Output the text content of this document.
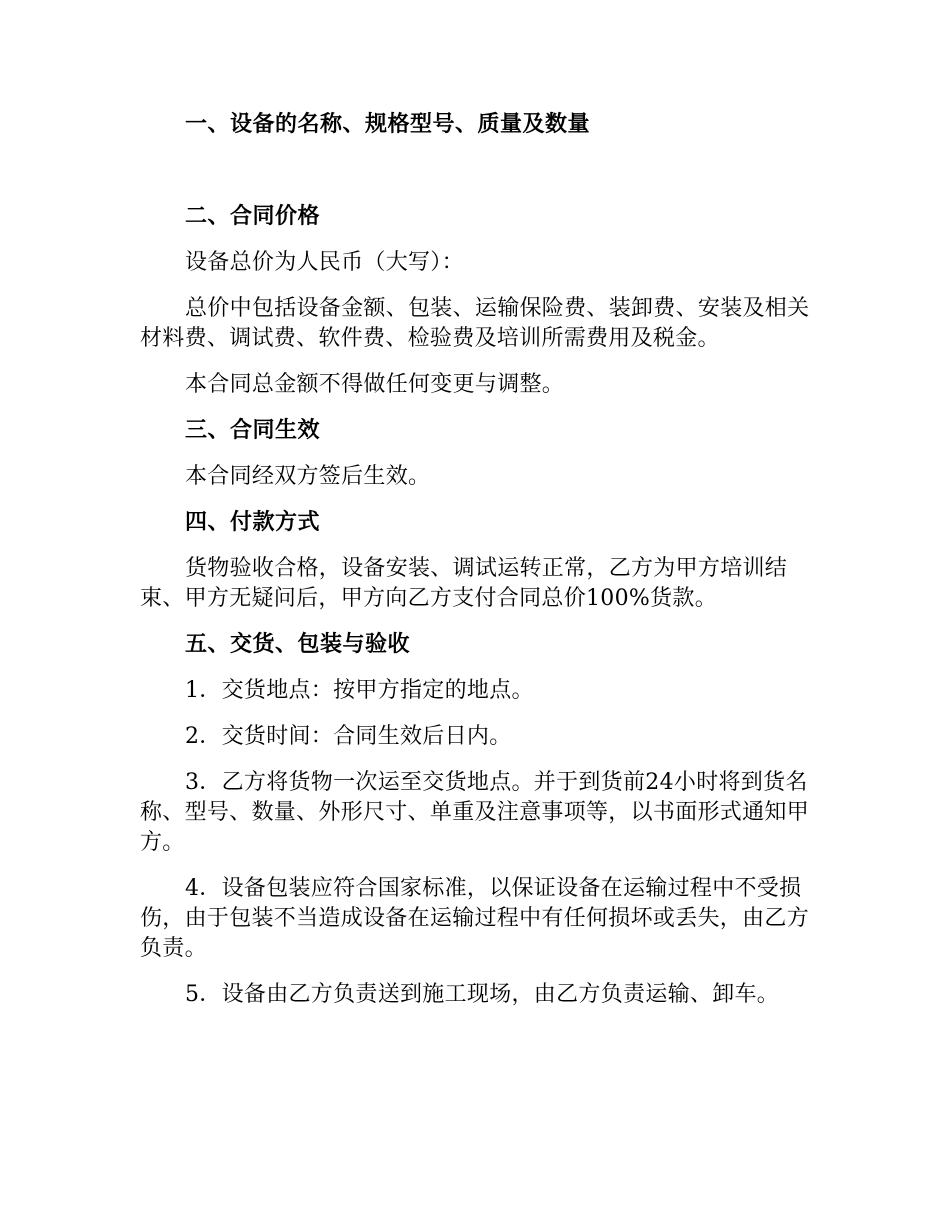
一、设备的名称、规格型号、质量及数量

二、合同价格

设备总价为人民币（大写）：

总价中包括设备金额、包装、运输保险费、装卸费、安装及相关材料费、调试费、软件费、检验费及培训所需费用及税金。

本合同总金额不得做任何变更与调整。

三、合同生效

本合同经双方签后生效。

四、付款方式

货物验收合格，设备安装、调试运转正常，乙方为甲方培训结束、甲方无疑问后，甲方向乙方支付合同总价100%货款。

五、交货、包装与验收

1．交货地点：按甲方指定的地点。

2．交货时间：合同生效后日内。

3．乙方将货物一次运至交货地点。并于到货前24小时将到货名称、型号、数量、外形尺寸、单重及注意事项等，以书面形式通知甲方。

4．设备包装应符合国家标准，以保证设备在运输过程中不受损伤，由于包装不当造成设备在运输过程中有任何损坏或丢失，由乙方负责。

5．设备由乙方负责送到施工现场，由乙方负责运输、卸车。
